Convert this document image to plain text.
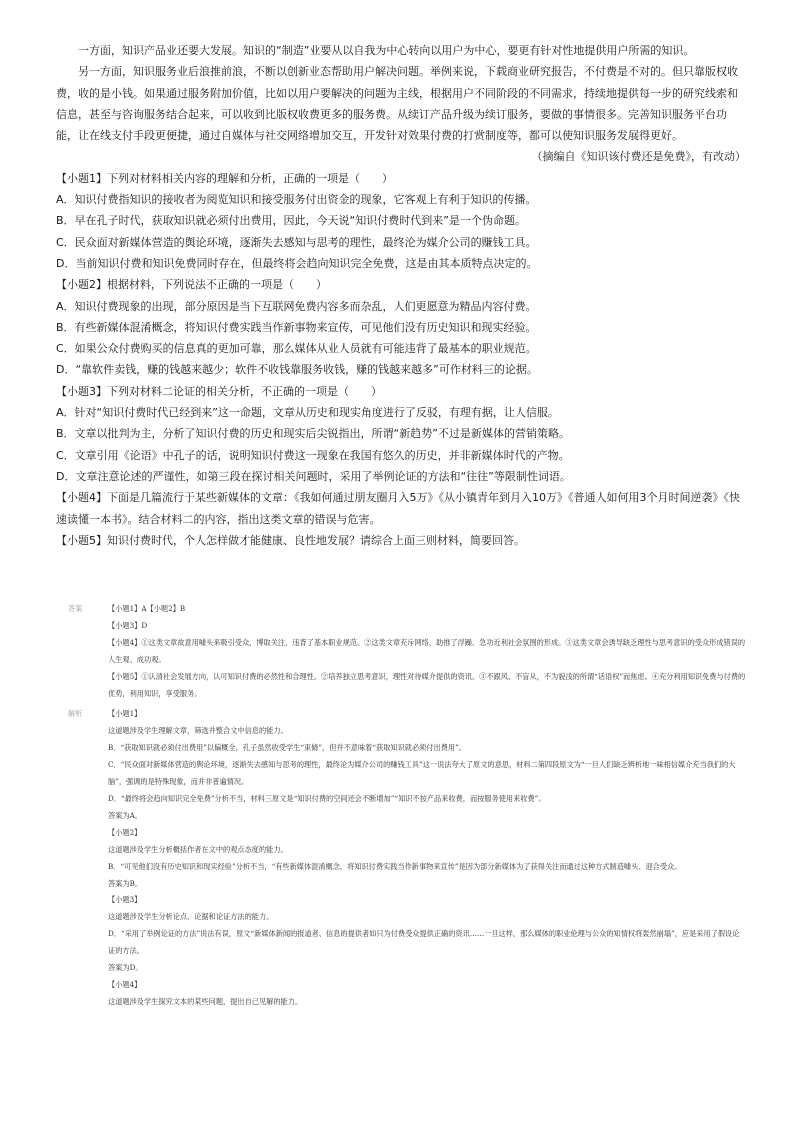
一方面，知识产品业还要大发展。知识的“制造”业要从以自我为中心转向以用户为中心，要更有针对性地提供用户所需的知识。

另一方面，知识服务业后浪推前浪，不断以创新业态帮助用户解决问题。举例来说，下载商业研究报告，不付费是不对的。但只靠版权收费，收的是小钱。如果通过服务附加价值，比如以用户要解决的问题为主线，根据用户不同阶段的不同需求，持续地提供每一步的研究线索和信息，甚至与咨询服务结合起来，可以收到比版权收费更多的服务费。从续订产品升级为续订服务，要做的事情很多。完善知识服务平台功能，让在线支付手段更便捷，通过自媒体与社交网络增加交互，开发针对效果付费的打赏制度等，都可以使知识服务发展得更好。

（摘编自《知识该付费还是免费》，有改动）

【小题1】下列对材料相关内容的理解和分析，正确的一项是（　　）

A．知识付费指知识的接收者为阅览知识和接受服务付出资金的现象，它客观上有利于知识的传播。

B．早在孔子时代，获取知识就必须付出费用，因此，今天说“知识付费时代到来”是一个伪命题。

C．民众面对新媒体营造的舆论环境，逐渐失去感知与思考的理性，最终沦为媒介公司的赚钱工具。

D．当前知识付费和知识免费同时存在，但最终将会趋向知识完全免费，这是由其本质特点决定的。

【小题2】根据材料，下列说法不正确的一项是（　　）

A．知识付费现象的出现，部分原因是当下互联网免费内容多而杂乱，人们更愿意为精品内容付费。

B．有些新媒体混淆概念，将知识付费实践当作新事物来宣传，可见他们没有历史知识和现实经验。

C．如果公众付费购买的信息真的更加可靠，那么媒体从业人员就有可能违背了最基本的职业规范。

D．“靠软件卖钱，赚的钱越来越少；软件不收钱靠服务收钱，赚的钱越来越多”可作材料三的论据。

【小题3】下列对材料二论证的相关分析，不正确的一项是（　　）

A．针对“知识付费时代已经到来”这一命题，文章从历史和现实角度进行了反驳，有理有据，让人信服。

B．文章以批判为主，分析了知识付费的历史和现实后尖锐指出，所谓“新趋势”不过是新媒体的营销策略。

C．文章引用《论语》中孔子的话，说明知识付费这一现象在我国有悠久的历史，并非新媒体时代的产物。

D．文章注意论述的严谨性，如第三段在探讨相关问题时，采用了举例论证的方法和“往往”等限制性词语。

【小题4】下面是几篇流行于某些新媒体的文章：《我如何通过朋友圈月入5万》《从小镇青年到月入10万》《普通人如何用3个月时间逆袭》《快速读懂一本书》。结合材料二的内容，指出这类文章的错误与危害。

【小题5】知识付费时代，个人怎样做才能健康、良性地发展？请综合上面三则材料，简要回答。

答案	【小题1】A【小题2】B

【小题3】D

【小题4】①这类文章故意用噱头来吸引受众，博取关注，违背了基本职业规范。②这类文章充斥网络，助推了浮躁、急功近利社会氛围的形成。③这类文章会诱导缺乏理性与思考意识的受众形成错误的人生观、成功观。

【小题5】①认清社会发展方向，认可知识付费的必然性和合理性。②培养独立思考意识，理性对待媒介提供的资讯。③不跟风、不盲从，不为貌浅的所谓“话语权”而焦虑。④充分利用知识免费与付费的优势，利用知识，享受服务。

解析	【小题1】

这道题涉及学生理解文章，筛选并整合文中信息的能力。

B．“获取知识就必须付出费用”以偏概全，孔子虽然收受学生“束脩”，但并不意味着“获取知识就必须付出费用”。

C．“民众面对新媒体营造的舆论环境，逐渐失去感知与思考的理性，最终沦为媒介公司的赚钱工具”这一说法夸大了原文的意思，材料二第四段原文为“一旦人们缺乏辨析地一味相信媒介充当我们的大脑”，强调的是特殊现象，而并非普遍情况。

D．“最终将会趋向知识完全免费”分析不当，材料三原文是“知识付费的空间还会不断增加”“知识不按产品来收费，而按服务使用来收费”。

答案为A。

【小题2】

这道题涉及学生分析概括作者在文中的观点态度的能力。

B．“可见他们没有历史知识和现实经验”分析不当，“有些新媒体混淆概念，将知识付费实践当作新事物来宣传”是因为部分新媒体为了获得关注而通过这种方式制造噱头、迎合受众。

答案为B。

【小题3】

这道题涉及学生分析论点、论据和论证方法的能力。

D．“采用了举例论证的方法”说法有误，原文“新媒体新闻的报道者、信息的提供者如只为付费受众提供正确的资讯……一旦这样，那么媒体的职业伦理与公众的知情权将轰然崩塌”，应是采用了假设论证的方法。

答案为D。

【小题4】

这道题涉及学生探究文本的某些问题，提出自己见解的能力。
